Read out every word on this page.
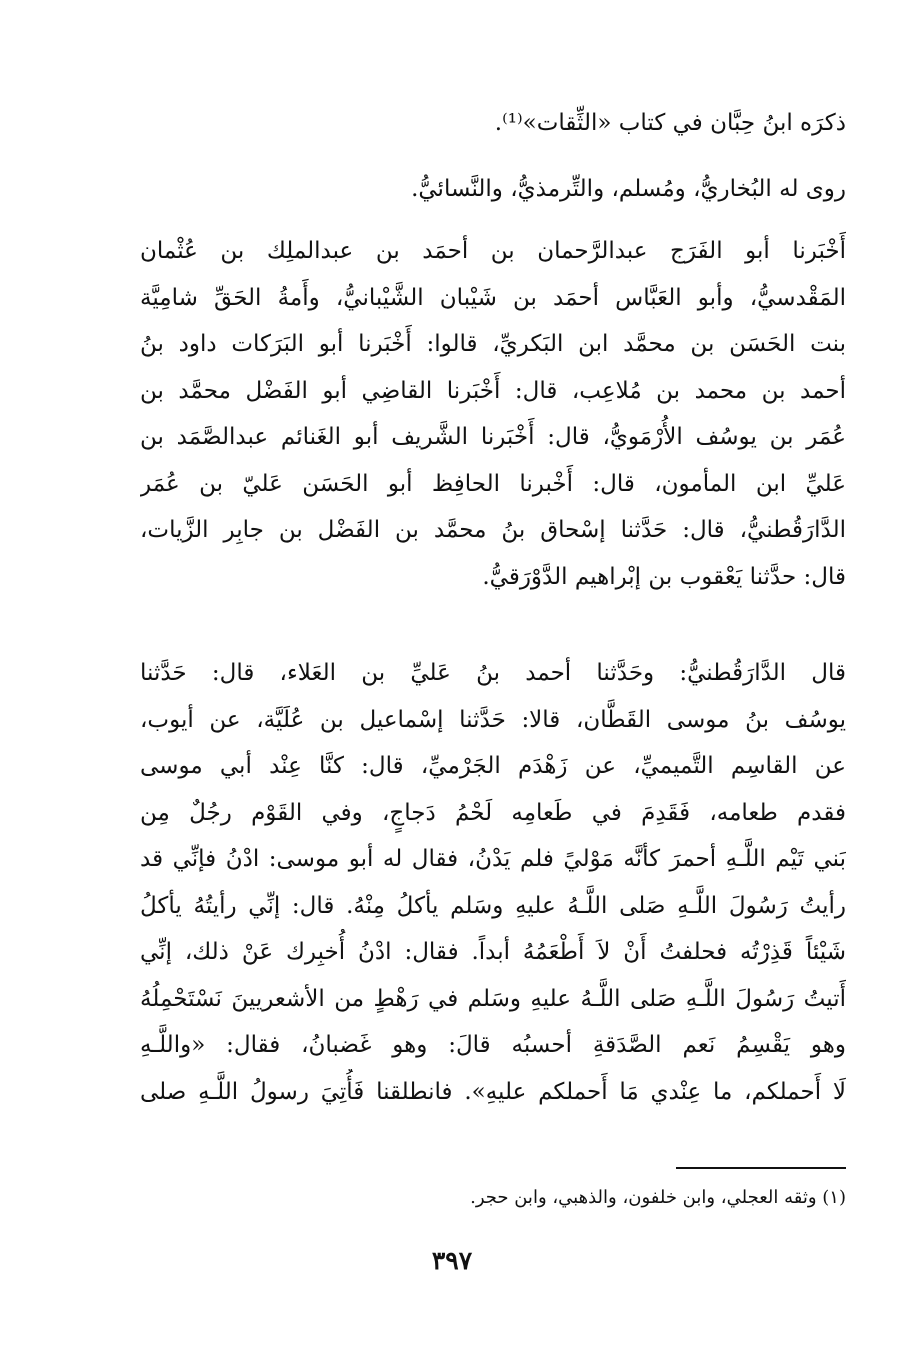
ذكرَه ابنُ حِبَّان في كتاب «الثِّقات»⁽¹⁾.
روى له البُخاريُّ، ومُسلم، والتِّرمذيُّ، والنَّسائيُّ.
أَخْبَرنا أبو الفَرَج عبدالرَّحمان بن أحمَد بن عبدالملِك بن عُثْمان
المَقْدسيُّ، وأبو العَبَّاس أحمَد بن شَيْبان الشَّيْبانيُّ، وأَمةُ الحَقِّ شامِيَّة
بنت الحَسَن بن محمَّد ابن البَكريِّ، قالوا: أَخْبَرنا أبو البَرَكات داود بنُ
أحمد بن محمد بن مُلاعِب، قال: أَخْبَرنا القاضِي أبو الفَضْل محمَّد بن
عُمَر بن يوسُف الأُرْمَويُّ، قال: أَخْبَرنا الشَّريف أبو الغَنائم عبدالصَّمَد بن
عَليِّ ابن المأمون، قال: أَخْبرنا الحافِظ أبو الحَسَن عَليّ بن عُمَر
الدَّارَقُطنيُّ، قال: حَدَّثنا إسْحاق بنُ محمَّد بن الفَضْل بن جابِر الزَّيات،
قال: حدَّثنا يَعْقوب بن إبْراهيم الدَّوْرَقيُّ.
قال الدَّارَقُطنيُّ: وحَدَّثنا أحمد بنُ عَليِّ بن العَلاء، قال: حَدَّثنا
يوسُف بنُ موسى القَطَّان، قالا: حَدَّثنا إسْماعيل بن عُلَيَّة، عن أيوب،
عن القاسِم التَّميميِّ، عن زَهْدَم الجَرْميِّ، قال: كنَّا عِنْد أبي موسى
فقدم طعامه، فَقَدِمَ في طَعامِه لَحْمُ دَجاجٍ، وفي القَوْم رجُلٌ مِن
بَني تَيْم اللَّـهِ أحمرَ كأنَّه مَوْليً فلم يَدْنُ، فقال له أبو موسى: ادْنُ فإنِّي قد
رأيتُ رَسُولَ اللَّـهِ صَلى اللَّـهُ عليهِ وسَلم يأكلُ مِنْهُ. قال: إنِّي رأيتُهُ يأكلُ
شَيْئاً قَذِرْتُه فحلفتُ أَنْ لاَ أَطْعَمُهُ أبداً. فقال: ادْنُ أُخبِرك عَنْ ذلك، إنِّي
أَتيتُ رَسُولَ اللَّـهِ صَلى اللَّـهُ عليهِ وسَلم في رَهْطٍ من الأشعريينَ نَسْتَحْمِلُهُ
وهو يَقْسِمُ نَعم الصَّدَقةِ أحسبُه قالَ: وهو غَضبانُ، فقال: «واللَّـهِ
لَا أَحملكم، ما عِنْدي مَا أَحملكم عليهِ». فانطلقنا فَأُتِيَ رسولُ اللَّـهِ صلى
(١) وثقه العجلي، وابن خلفون، والذهبي، وابن حجر.
٣٩٧
